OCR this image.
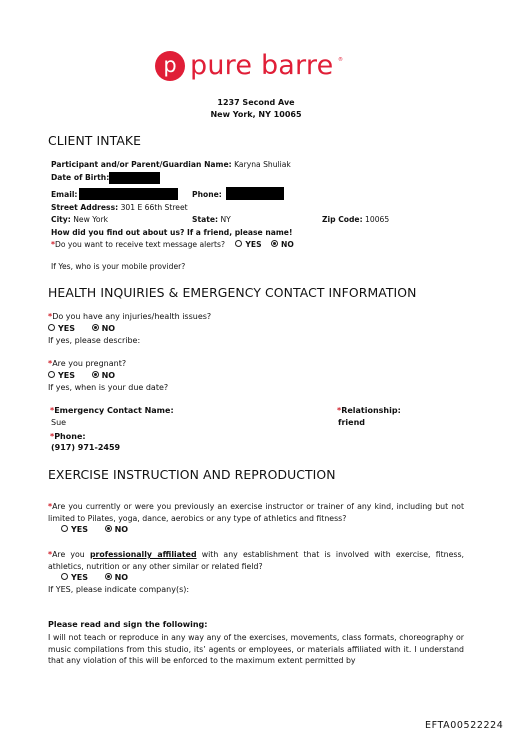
p pure barre ®
1237 Second Ave
New York, NY 10065
CLIENT INTAKE
Participant and/or Parent/Guardian Name: Karyna Shuliak
Date of Birth:
Email:	Phone:
Street Address: 301 E 66th Street
City: New York	State: NY	Zip Code: 10065
How did you find out about us? If a friend, please name!
*Do you want to receive text message alerts?	YES	NO
If Yes, who is your mobile provider?
HEALTH INQUIRIES & EMERGENCY CONTACT INFORMATION
*Do you have any injuries/health issues?
YES	NO
If yes, please describe:
*Are you pregnant?
YES	NO
If yes, when is your due date?
*Emergency Contact Name:
Sue
*Relationship:
friend
*Phone:
(917) 971-2459
EXERCISE INSTRUCTION AND REPRODUCTION
*Are you currently or were you previously an exercise instructor or trainer of any kind, including but not limited to Pilates, yoga, dance, aerobics or any type of athletics and fitness?
YES	NO
*Are you professionally affiliated with any establishment that is involved with exercise, fitness, athletics, nutrition or any other similar or related field?
YES	NO
If YES, please indicate company(s):
Please read and sign the following:
I will not teach or reproduce in any way any of the exercises, movements, class formats, choreography or music compilations from this studio, its’ agents or employees, or materials affiliated with it. I understand that any violation of this will be enforced to the maximum extent permitted by
EFTA00522224
